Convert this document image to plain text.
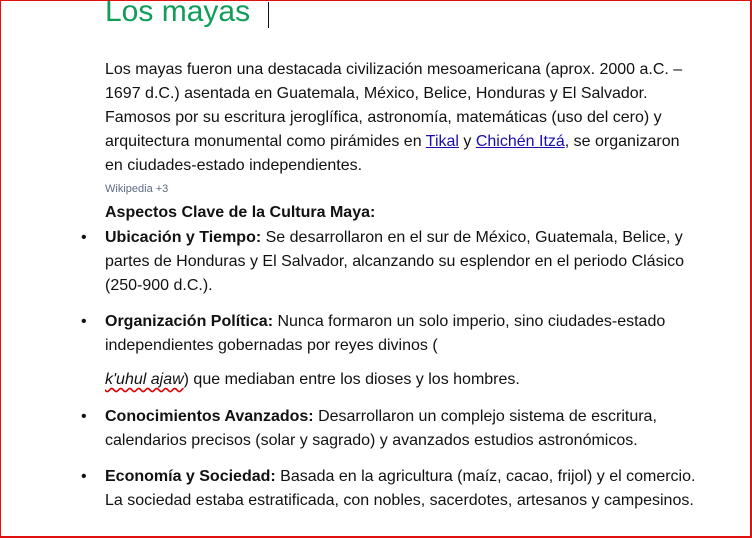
Los mayas

Los mayas fueron una destacada civilización mesoamericana (aprox. 2000 a.C. – 1697 d.C.) asentada en Guatemala, México, Belice, Honduras y El Salvador. Famosos por su escritura jeroglífica, astronomía, matemáticas (uso del cero) y arquitectura monumental como pirámides en Tikal y Chichén Itzá, se organizaron en ciudades-estado independientes.

Wikipedia +3
Aspectos Clave de la Cultura Maya:

• Ubicación y Tiempo: Se desarrollaron en el sur de México, Guatemala, Belice, y partes de Honduras y El Salvador, alcanzando su esplendor en el periodo Clásico (250-900 d.C.).

• Organización Política: Nunca formaron un solo imperio, sino ciudades-estado independientes gobernadas por reyes divinos (

k'uhul ajaw) que mediaban entre los dioses y los hombres.

• Conocimientos Avanzados: Desarrollaron un complejo sistema de escritura, calendarios precisos (solar y sagrado) y avanzados estudios astronómicos.

• Economía y Sociedad: Basada en la agricultura (maíz, cacao, frijol) y el comercio. La sociedad estaba estratificada, con nobles, sacerdotes, artesanos y campesinos.
